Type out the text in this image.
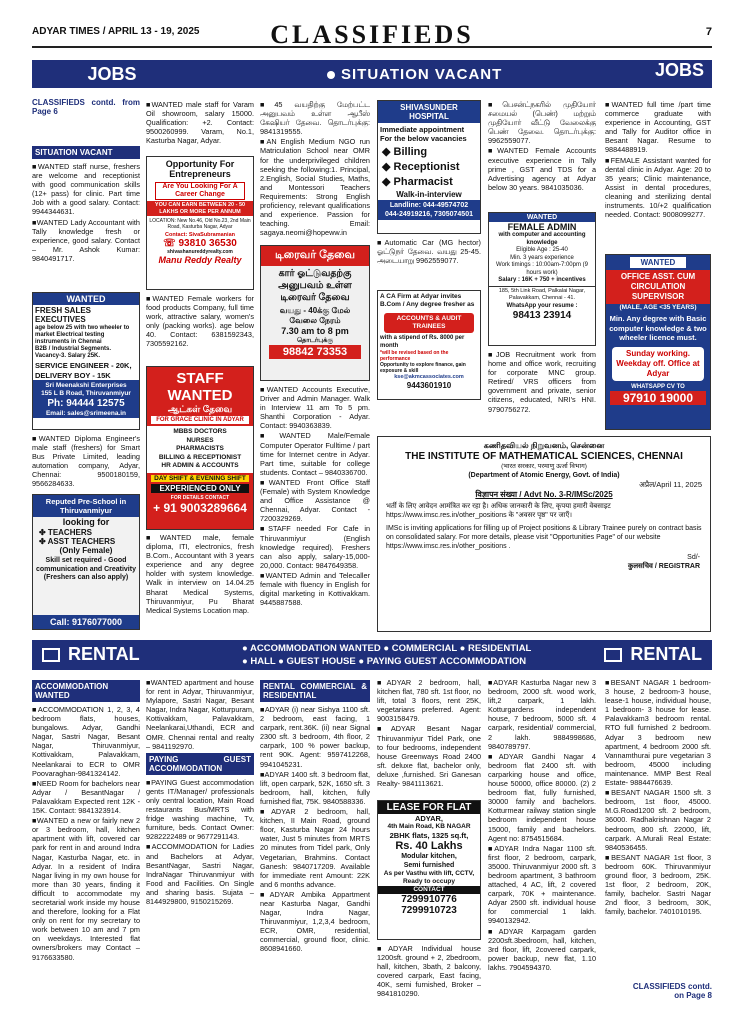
ADYAR TIMES / APRIL 13 - 19, 2025	CLASSIFIEDS	7
JOBS	SITUATION VACANT	JOBS
CLASSIFIEDS contd. from Page 6
SITUATION VACANT

■WANTED staff nurse, freshers are welcome and receptionist with good communication skills (12+ pass) for clinic. Part time Job with a good salary. Contact: 9944344631.

■WANTED Lady Accountant with Tally knowledge fresh or experience, good salary. Contact – Mr. Ashok Kumar: 9840491717.

WANTED
FRESH SALES EXECUTIVES
age below 25 with two wheeler to market Electrical testing instruments in Chennai
B2B / Industrial Segments. Vacancy-3. Salary 25K.
SERVICE ENGINEER - 20K,
DELIVERY BOY - 15K
Sri Meenakshi Enterprises
155 L B Road, Thiruvanmiyur
Ph: 94444 12575
Email: sales@srimeena.in

■WANTED Diploma Engineer's male staff (freshers) for Smart Bus Private Limited, leading automation company, Adyar, Chennai: 9500180159, 9566284633.

Reputed Pre-School in Thiruvanmiyur
looking for
✤ TEACHERS
✤ ASST TEACHERS
(Only Female)
Skill set required - Good communication and Creativity (Freshers can also apply)
Call: 9176077000

■WANTED male staff for Varam Oil showroom, salary 15000. Qualification: +2. Contact: 9500260999. Varam, No.1, Kasturba Nagar, Adyar.

Opportunity For Entrepreneurs
Are You Looking For A Career Change
YOU CAN EARN BETWEEN 20 - 50 LAKHS OR MORE PER ANNUM
LOCATION: New No.46, Old No.23, 2nd Main Road, Kasturba Nagar, Adyar
Contact: SivaSubramanian
☏ 93810 36530
shivashanureddyrealty.com
Manu Reddy Realty

■WANTED Female workers for food products Company, full time work, attractive salary, women's only (packing works). age below 40. Contact: 6381592343, 7305592162.

STAFF WANTED
ஆட்கள் தேவை
FOR GRACE CLINIC IN ADYAR
MBBS DOCTORS
NURSES
PHARMACISTS
BILLING & RECEPTIONIST
HR ADMIN & ACCOUNTS
DAY SHIFT & EVENING SHIFT
EXPERIENCED ONLY
FOR DETAILS CONTACT
+ 91 9003289664

■WANTED male, female diploma, ITI, electronics, fresh B.Com., Accountant with 3 years experience and any degree holder with system knowledge. Walk in interview on 14.04.25 Bharat Medical Systems, Thiruvanmiyur, Pu Bharat Medical Systems Location map.

■45 வயதிற்கு மேற்பட்ட அனுபவம் உள்ள ஆபீஸ் கேஷியர் தேவை. தொடர்புக்கு: 9841319555.

■AN English Medium NGO run Matriculation School near OMR for the underprivileged children seeking the following:1. Principal, 2.English, Social Studies, Maths, and Montessori Teachers Requirements: Strong English proficiency, relevant qualifications and experience. Passion for teaching. Email: sagaya.neomi@hopeww.in

டிரைவர் தேவை
கார் ஓட்டுவதற்கு அனுபவம் உள்ள டிரைவர் தேவை
வயது - 40க்கு மேல்
வேலை நேரம்
7.30 am to 8 pm
தொடர்புக்கு
98842 73353

■WANTED Accounts Executive, Driver and Admin Manager. Walk in Interview 11 am To 5 pm. Shanthi Corporation - Adyar. Contact: 9940363839.

■WANTED Male/Female Computer Operator Fulltime / part time for Internet centre in Adyar. Part time, suitable for college students. Contact – 9840336700.

■WANTED Front Office Staff (Female) with System Knowledge and Office Assistance @ Chennai, Adyar. Contact - 7200329269.

■STAFF needed For Cafe in Thiruvanmiyur (English knowledge required). Freshers can also apply, salary-15,000-20,000. Contact: 9847649358.

■WANTED Admin and Telecaller female with fluency in English for digital marketing in Kottivakkam. 9445887588.

SHIVASUNDER HOSPITAL
Immediate appointment For the below vacancies
◆ Billing
◆ Receptionist
◆ Pharmacist
Walk-in-interview
Landline: 044-49574702
044-24919216, 7305074501

■Automatic Car (MG hector) ஓட்டுநர் தேவை. வயது 25-45. அடையாறு 9962559077.

A CA Firm at Adyar invites B.Com / Any degree fresher as
ACCOUNTS & AUDIT TRAINEES
with a stipend of Rs. 8000 per month
*will be revised based on the performance
Opportunity to explore finance, gain exposure & skill
kse@akmcassociates.com
9443601910

■பெசன்ட்நகரில் முதியோர் சமையல் (பெண்) மற்றும் முதியோர் வீட்டு வேலைக்கு பெண் தேவை. தொடர்புக்கு: 9962559077.

■WANTED Female Accounts executive experience in Tally prime , GST and TDS for a Advertising agency at Adyar below 30 years. 9841035036.

WANTED
FEMALE ADMIN
with computer and accounting knowledge
Eligible Age : 25-40
Min. 3 years experience
Work timings : 10:00am-7:00pm (9 hours work)
Salary : 16K + 750 + incentives
185, 5th Link Road, Palkalai Nagar, Palavakkam, Chennai - 41.
WhatsApp your resume :
98413 23914

■JOB Recruitment work from home and office work, recruiting for corporate MNC group. Retired/ VRS officers from government and private, senior citizens, educated, NRI's HNI. 9790756272.

■WANTED full time /part time commerce graduate with experience in Accounting, GST and Tally for Auditor office in Besant Nagar. Resume to 9884488919.

■FEMALE Assistant wanted for dental clinic in Adyar. Age: 20 to 35 years; Clinic maintenance, Assist in dental procedures, cleaning and sterilizing dental instruments. 10/+2 qualification needed. Contact: 9008099277.

WANTED
OFFICE ASST. CUM CIRCULATION SUPERVISOR
(MALE, AGE <35 YEARS)
Min. Any degree with Basic computer knowledge & two wheeler licence must.
Sunday working. Weekday off. Office at Adyar
WHATSAPP CV TO
97910 19000
கணிதவியல் நிறுவனம், சென்னை
THE INSTITUTE OF MATHEMATICAL SCIENCES, CHENNAI
(भारत सरकार, परमाणु ऊर्जा विभाग)
(Department of Atomic Energy, Govt. of India)
अप्रैल/April 11, 2025
विज्ञापन संख्या / Advt No. 3-R/IMSc/2025
भर्ती के लिए आवेदन आमंत्रित कर रहा है। अधिक जानकारी के लिए, कृपया हमारी वेबसाइट https://www.imsc.res.in/other_positions के "अवसर पृष्ठ" पर जाएँ।
IMSc is inviting applications for filling up of Project positions & Library Trainee purely on contract basis on consolidated salary. For more details, please visit "Opportunities Page" of our website https://www.imsc.res.in/other_positions .
Sd/-
कुलसचिव / REGISTRAR
RENTAL	● ACCOMMODATION WANTED ● COMMERCIAL ● RESIDENTIAL
● HALL ● GUEST HOUSE ● PAYING GUEST ACCOMMODATION	RENTAL
ACCOMMODATION WANTED

■ACCOMMODATION 1, 2, 3, 4 bedroom flats, houses, bungalows. Adyar, Gandhi Nagar, Sastri Nagar, Besant Nagar, Thiruvanmiyur, Kottivakkam, Palavakkam, Neelankarai to ECR to OMR Poovaraghan-9841324142.

■NEED Room for bachelors near Adyar / BesantNagar / Palavakkam Expected rent 12K - 15K. Contact: 9841323914.

■WANTED a new or fairly new 2 or 3 bedroom, hall, kitchen apartment with lift, covered car park for rent in and around Indra Nagar, Kasturba Nagar, etc. in Adyar. In a resident of Indira Nagar living in my own house for more than 30 years, finding it difficult to accommodate my secretarial work inside my house and therefore, looking for a Flat only on rent for my secretary to work between 10 am and 7 pm on weekdays. Interested flat owners/brokers may Contact – 9176633580.

■WANTED apartment and house for rent in Adyar, Thiruvanmiyur, Mylapore, Sastri Nagar, Besant Nagar, Indra Nagar, Kotturpuram, Kottivakkam, Palavakkam, Neelankarai,Uthandi, ECR and OMR. Chennai rental and realty – 9841192970.

PAYING GUEST ACCOMMODATION

■PAYING Guest accommodation gents IT/Manager/ professionals only central location, Main Road restaurants Bus/MRTS with fridge washing machine, Tv, furniture, beds. Contact Owner: 9282222489 or 9677291143.

■ACCOMMODATION for Ladies and Bachelors at Adyar, BesantNagar, Sastri Nagar, IndraNagar Thiruvanmiyur with Food and Facilities. On Single and sharing basis. Sujata – 8144929800, 9150215269.

RENTAL COMMERCIAL & RESIDENTIAL

■ADYAR (i) near Sishya 1100 sft. 2 bedroom, east facing, 1 carpark, rent.36K. (ii) near Signal 2300 sft. 3 bedroom, 4th floor, 2 carpark, 100 % power backup, rent 90K. Agent: 9597412268, 9941045231.

■ADYAR 1400 sft. 3 bedroom flat, lift, open carpark, 52K, 1650 sft. 3 bedroom, hall, kitchen, fully furnished flat, 75K. 9840588336.

■ADYAR 2 bedroom, hall, kitchen, II Main Road, ground floor, Kasturba Nagar 24 hours water, Just 5 minutes from MRTS 20 minutes from Tidel park, Only Vegetarian, Brahmins. Contact Ganesh: 9840717209. Available for immediate rent Amount: 22K and 6 months advance.

■ADYAR Ambika Appartment near Kasturba Nagar, Gandhi Nagar, Indra Nagar, Thiruvanmiyur, 1,2,3,4 bedroom, ECR, OMR, residential, commercial, ground floor, clinic. 8608941660.

■ADYAR 2 bedroom, hall, kitchen flat, 780 sft. 1st floor, no lift, total 3 floors, rent 25K, vegetarians preferred. Agent: 9003158479.

■ADYAR Besant Nagar Thiruvanmiyur Tidel Park, one to four bedrooms, independent house Greenways Road 2400 sft. deluxe flat, bachelor only, deluxe ,furnished. Sri Ganesan Realty- 9841113621.

LEASE FOR FLAT
ADYAR,
4th Main Road, KB NAGAR
2BHK flats, 1325 sq.ft,
Rs. 40 Lakhs
Modular kitchen,
Semi furnished
As per Vasthu with lift, CCTV, Ready to occupy
CONTACT
7299910776
7299910723

■ADYAR Individual house 1200sft. ground + 2, 2bedroom, hall, kitchen, 3bath, 2 balcony, covered carpark, East facing, 40K, semi furnished, Broker – 9841810290.

■ADYAR Kasturba Nagar new 3 bedroom, 2000 sft. wood work, lift,2 carpark, 1 lakh. Kotturgardens independent house, 7 bedroom, 5000 sft. 4 carpark, residential/ commercial, 2 lakh. 9884998686, 9840789797.

■ADYAR Gandhi Nagar 4 bedroom flat 2400 sft. with carparking house and office, house 50000, office 80000. (2) 2 bedroom flat, fully furnished, 30000 family and bachelors. Kotturmear railway station single bedroom independent house 15000, family and bachelors. Agent no: 8754515684.

■ADYAR Indra Nagar 1100 sft. first floor, 2 bedroom, carpark, 35000. Thiruvanmiyur 2000 sft. 3 bedroom apartment, 3 bathroom attached, 4 AC, lift, 2 covered carpark, 70K + maintenance. Adyar 2500 sft. individual house for commercial 1 lakh. 9940132942.

■ADYAR Karpagam garden 2200sft.3bedroom, hall, kitchen, 3rd floor, lift, 2covered carpark, power backup, new flat, 1.10 lakhs. 7904594370.

■BESANT NAGAR 1 bedroom- 3 house, 2 bedroom-3 house, lease-1 house, individual house, 1 bedroom- 3 house for lease. Palavakkam3 bedroom rental. RTO full furnished 2 bedroom. Adyar 3 bedroom new apartment, 4 bedroom 2000 sft. Vannamthurai pure vegetarian 3 bedroom, 45000 including maintenance. MMP Best Real Estate- 9884476639.

■BESANT NAGAR 1500 sft. 3 bedroom, 1st floor, 45000. M.G.Road1200 sft. 2 bedroom, 36000. Radhakrishnan Nagar 2 bedroom, 800 sft. 22000, lift, carpark. A.Murali Real Estate: 9840536455.

■BESANT NAGAR 1st floor, 3 bedroom 60K. Thiruvanmiyur ground floor, 3 bedroom, 25K. 1st floor, 2 bedroom, 20K, family, bachelor. Sastri Nagar 2nd floor, 3 bedroom, 30K, family, bachelor. 7401010195.

CLASSIFIEDS contd. on Page 8
